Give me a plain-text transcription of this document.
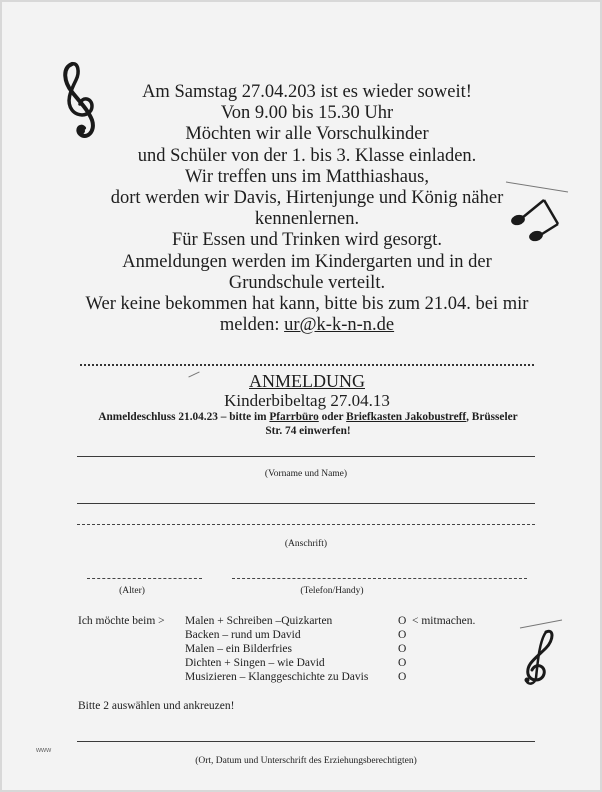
Am Samstag 27.04.203 ist es wieder soweit!
Von 9.00 bis 15.30 Uhr
Möchten wir alle Vorschulkinder
und Schüler von der 1. bis 3. Klasse einladen.
Wir treffen uns im Matthiashaus,
dort werden wir Davis, Hirtenjunge und König näher
kennenlernen.
Für Essen und Trinken wird gesorgt.
Anmeldungen werden im Kindergarten und in der
Grundschule verteilt.
Wer keine bekommen hat kann, bitte bis zum 21.04. bei mir
melden: ur@k-k-n-n.de
ANMELDUNG
Kinderbibeltag 27.04.13
Anmeldeschluss 21.04.23 – bitte im Pfarrbüro oder Briefkasten Jakobustreff, Brüsseler
Str. 74 einwerfen!
(Vorname und Name)
(Anschrift)
(Alter)	(Telefon/Handy)
Ich möchte beim > Malen + Schreiben –Quizkarten	O < mitmachen.
Backen – rund um David	O
Malen – ein Bilderfries	O
Dichten + Singen – wie David	O
Musizieren – Klanggeschichte zu Davis	O
Bitte 2 auswählen und ankreuzen!
(Ort, Datum und Unterschrift des Erziehungsberechtigten)
www
